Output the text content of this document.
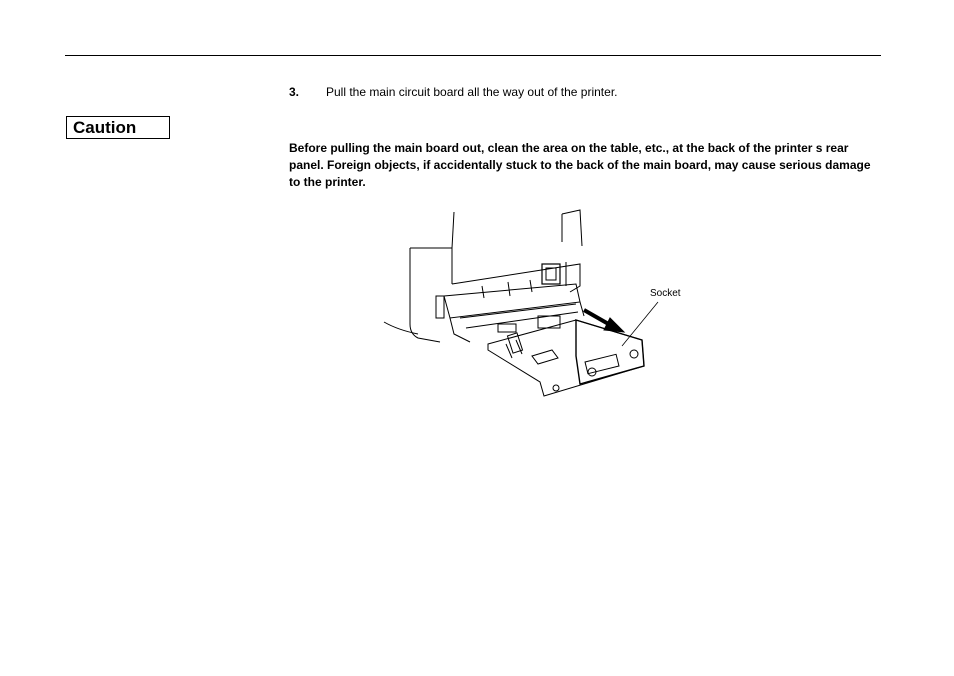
3. Pull the main circuit board all the way out of the printer.
Caution
Before pulling the main board out, clean the area on the table, etc., at the back of the printer s rear panel. Foreign objects, if accidentally stuck to the back of the main board, may cause serious damage to the printer.
Socket
